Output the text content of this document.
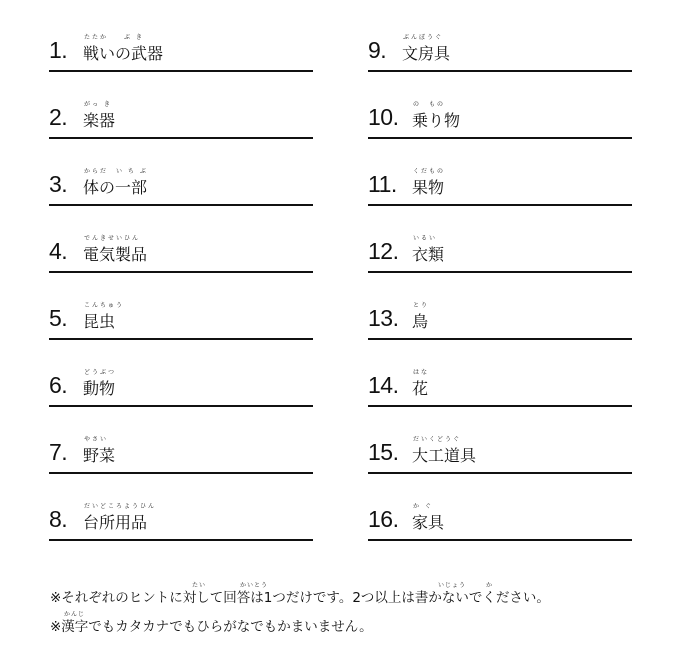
1.	たたか　　ぶ き
戦いの武器
2.	がっ き
楽器
3.	からだ　い ち ぶ
体の一部
4.	でんきせいひん
電気製品
5.	こんちゅう
昆虫
6.	どうぶつ
動物
7.	やさい
野菜
8.	だいどころようひん
台所用品
9.	ぶんぼうぐ
文房具
10. の　もの
乗り物
11.	くだもの
果物
12. いるい
衣類
13. とり
鳥
14. はな
花
15. だいくどうぐ
大工道具
16. か ぐ
家具
たい	かいとう	いじょう	か
※それぞれのヒントに対して回答は1つだけです。2つ以上は書かないでください。
かんじ
※漢字でもカタカナでもひらがなでもかまいません。
